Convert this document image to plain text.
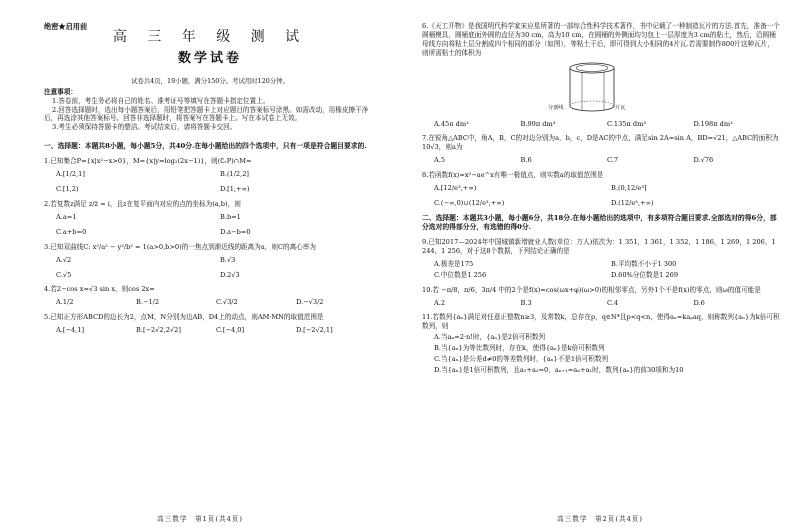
绝密★启用前
高 三 年 级 测 试
数学试卷
试卷共4页，19小题，满分150分。考试用时120分钟。
注意事项：

1.答卷前，考生务必将自己的姓名、准考证号等填写在答题卡指定位置上。

2.回答选择题时，选出每小题答案后，用铅笔把答题卡上对应题目的答案标号涂黑。如需改动，用橡皮擦干净后，再选涂其他答案标号。回答非选择题时，将答案写在答题卡上。写在本试卷上无效。

3.考生必须保持答题卡的整洁。考试结束后，请将答题卡交回。

一、选择题：本题共8小题，每小题5分，共40分.在每小题给出的四个选项中，只有一项是符合题目要求的.

1.已知集合P={x|x²−x>0}，M={x|y=log₂(2x−1)}，则(∁ᵣP)∩M=

A.[1/2,1]	B.(1/2,2]
C.[1,2)	D.[1,+∞)

2.若复数z满足 z/z̄ = i，且z在复平面内对应的点的坐标为(a,b)，则

A.a=1	B.b=1
C.a+b=0	D.a−b=0

3.已知双曲线C: x²/a² − y²/b² = 1(a>0,b>0)的一焦点到渐近线的距离为a，则C的离心率为

A.√2	B.√3
C.√5	D.2√3

4.若2−cos x=√3 sin x，则cos 2x=

A.1/2	B.−1/2	C.√3/2	D.−√3/2

5.已知正方形ABCD的边长为2，点M，N分别为边AB，D4上的动点，则AM·MN的取值范围是

A.[−4,1]	B.[−2√2,2√2]	C.[−4,0]	D.[−2√2,1]
高三数学　第1页(共4页)

6.《天工开物》是我国明代科学家宋应星所著的一部综合性科学技术著作，书中记载了一种制造瓦片的方法.首先，准备一个圆桶模具，圆桶底面外圆的直径为30 cm，高为10 cm，在圆桶的外侧面均匀包上一层厚度为3 cm的粘土，然后，沿圆桶母线方向将粘土层分割成四个相同的部分（如图），等粘土干后，即可得到大小相同的4片瓦.若需要制作800片这种瓦片，则所需粘土的体积为

分割线	一片瓦
A.45π dm³	B.99π dm³	C.135π dm³	D.198π dm³

7.在锐角△ABC中，角A，B，C的对边分别为a，b，c，D是AC的中点，满足sin 2A=sin A，BD=√21，△ABC的面积为10√3，则a为

A.5	B.6	C.7	D.√76

8.若函数f(x)=x²−ae^x有唯一极值点，则实数a的取值范围是

A.[12/e³,+∞)	B.(0,12/e³]
C.(−∞,0)∪(12/e³,+∞)	D.(12/e³,+∞)
二、选择题：本题共3小题，每小题6分，共18分.在每小题给出的选项中，有多项符合题目要求.全部选对的得6分，部分选对的得部分分，有选错的得0分.

9.已知2017—2024年中国城镇新增就业人数(单位：万人)依次为：1 351，1 361，1 352，1 186，1 269，1 206，1 244，1 256，对于这8个数据，下列结论正确的是

A.极差是175	B.平均数不小于1 300
C.中位数是1 256	D.60%分位数是1 269

10.若 −π/8，π/6，3π/4 中的2个是f(x)=cos(ωx+φ)(ω>0)的相邻零点，另外1个不是f(x)的零点，则ω的值可能是

A.2	B.3	C.4	D.6

11.若数列{aₙ}满足对任意正整数n≥3，及常数k，总存在p，q∈N*且p<q<n，使得aₙ=kaₚaq，则称数列{aₙ}为k倍可积数列，则

A.当aₙ=2·n!时，{aₙ}是2倍可积数列
B.当{aₙ}为等比数列时，存在k，使得{aₙ}是k倍可积数列
C.当{aₙ}是公差d≠0的等差数列时，{aₙ}不是1倍可积数列
D.当{aₙ}是1倍可积数列，且a₁+a₂=0，aₙ₊₁=aₙ+a₁时，数列{aₙ}的前30项和为10
高三数学　第2页(共4页)
